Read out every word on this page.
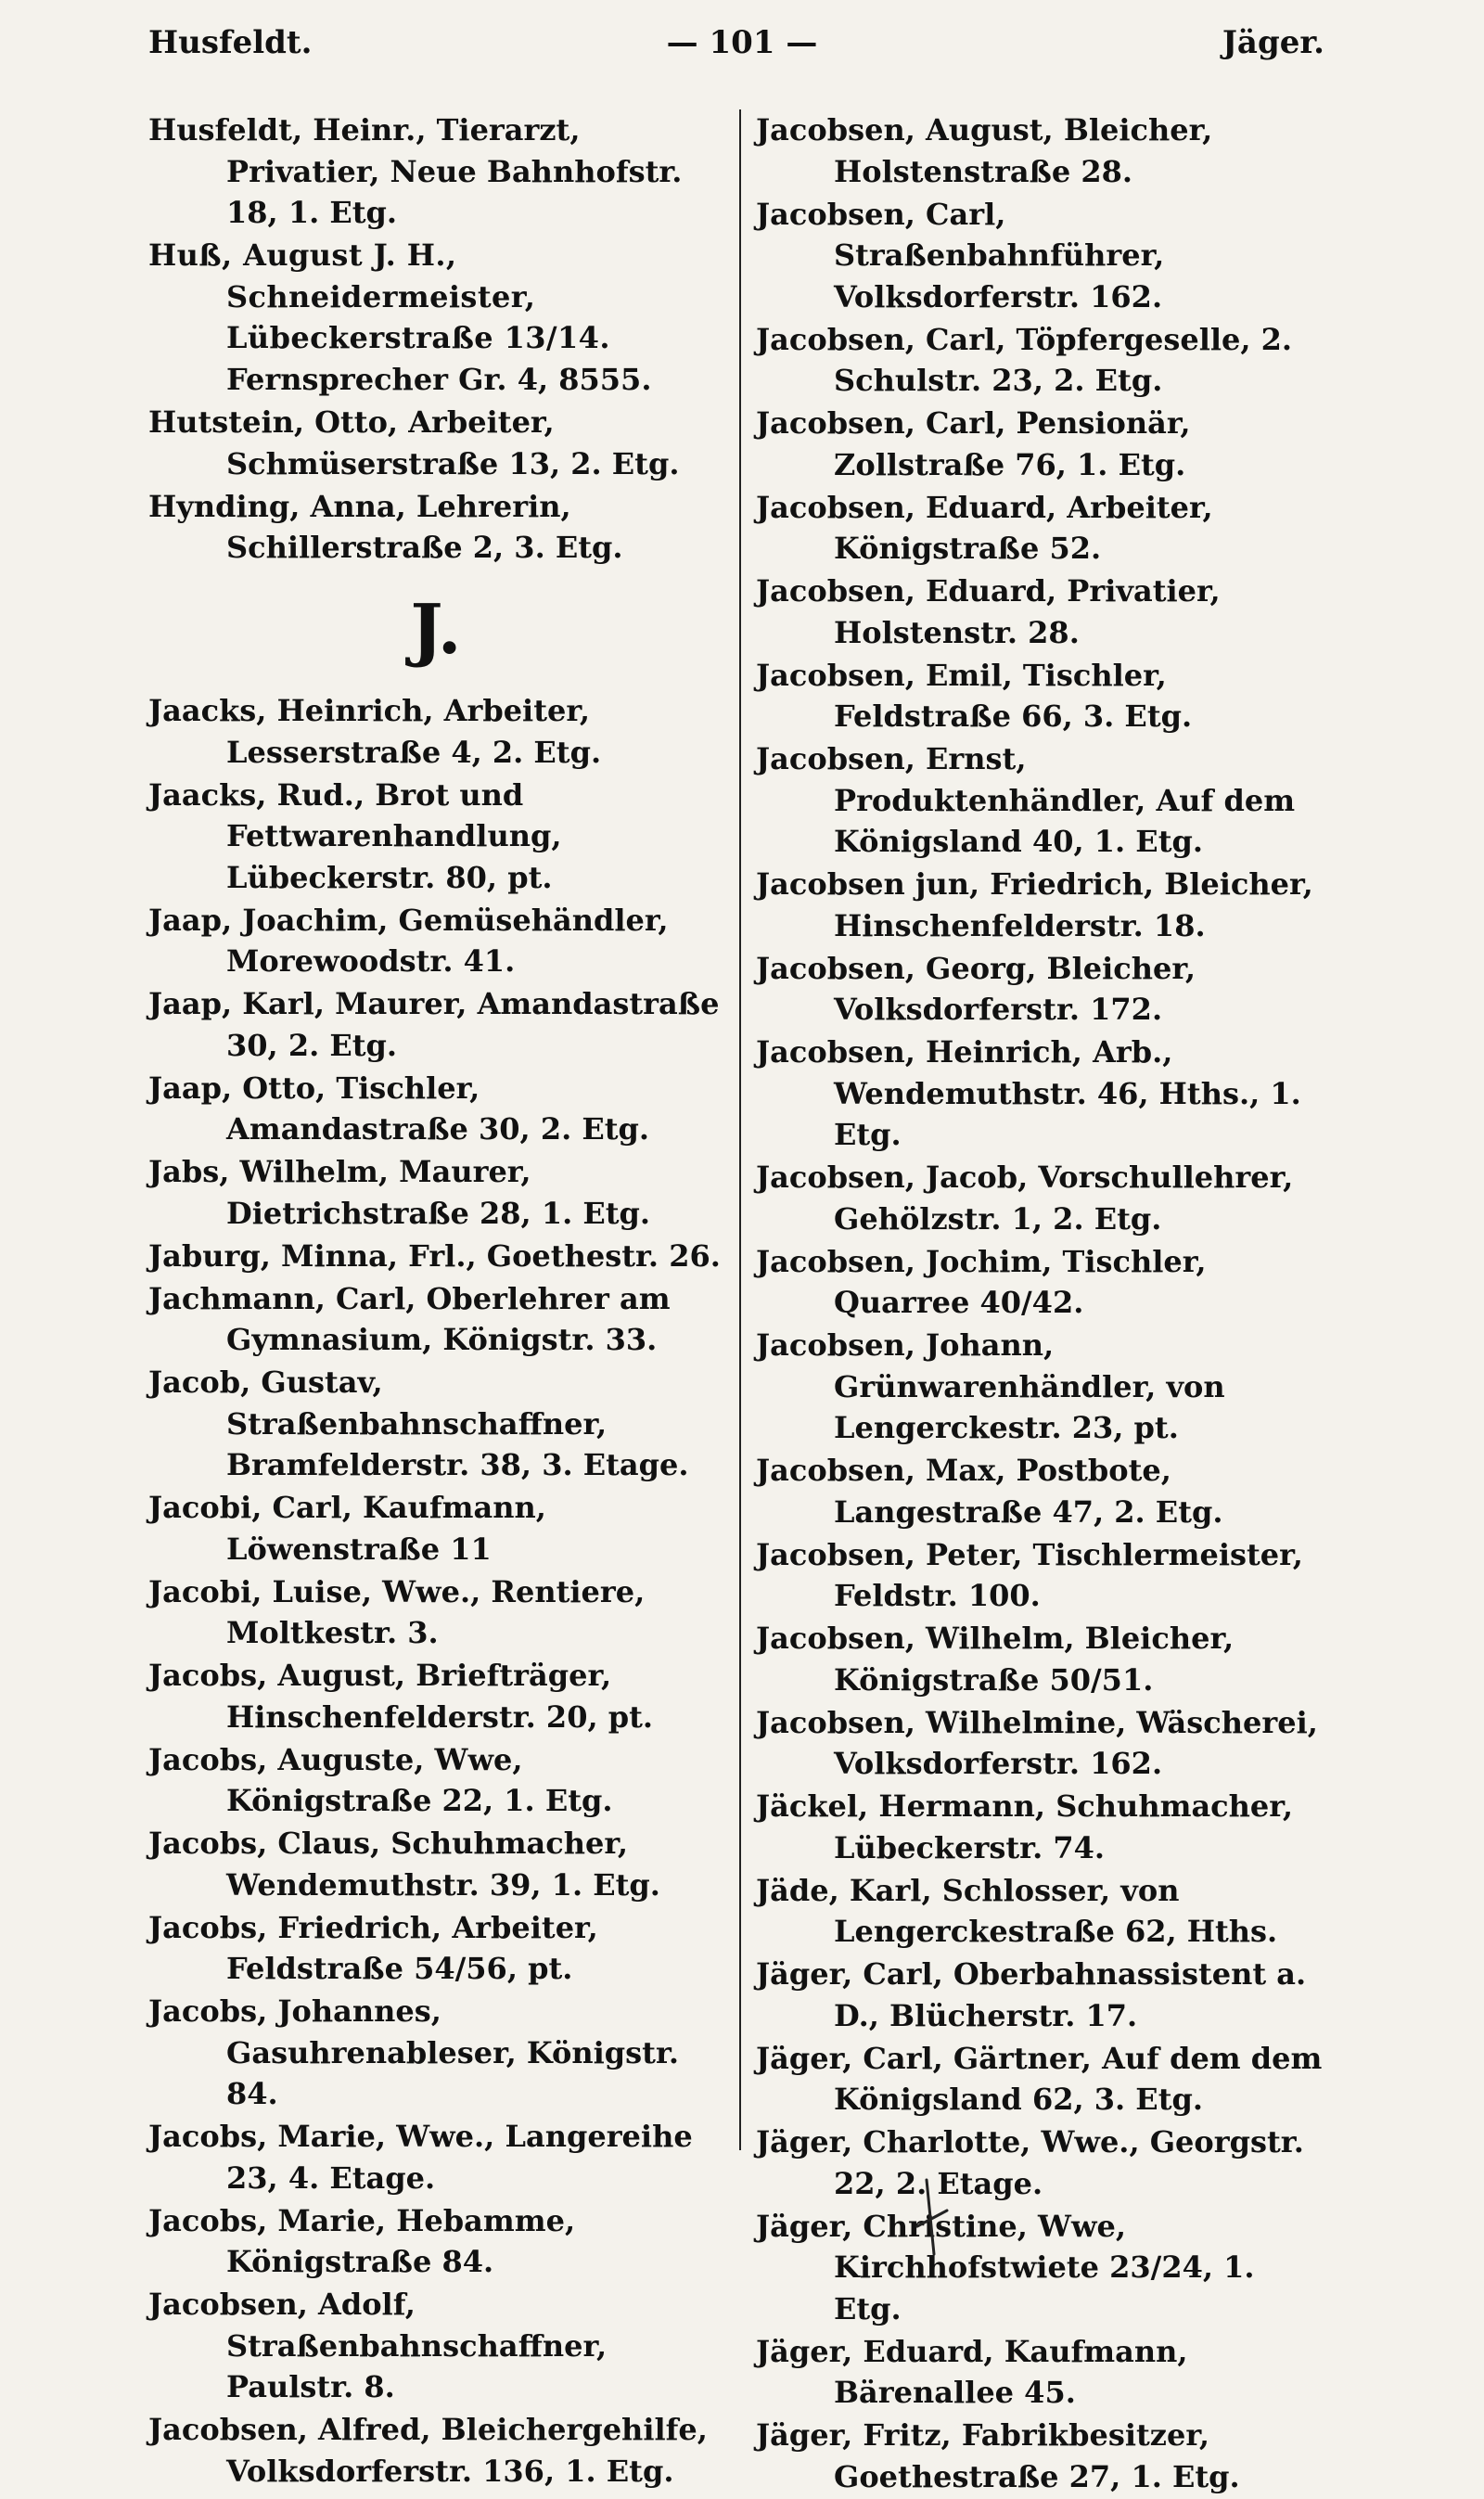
Husfeldt.	— 101 —	Jäger.
Husfeldt, Heinr., Tierarzt, Privatier, Neue Bahnhofstr. 18, 1. Etg.
Huß, August J. H., Schneidermeister, Lübeckerstraße 13/14.
Fernsprecher Gr. 4, 8555.
Hutstein, Otto, Arbeiter, Schmüserstraße 13, 2. Etg.
Hynding, Anna, Lehrerin, Schillerstraße 2, 3. Etg.
J.
Jaacks, Heinrich, Arbeiter, Lesserstraße 4, 2. Etg.
Jaacks, Rud., Brot und Fettwarenhandlung, Lübeckerstr. 80, pt.
Jaap, Joachim, Gemüsehändler, Morewoodstr. 41.
Jaap, Karl, Maurer, Amandastraße 30, 2. Etg.
Jaap, Otto, Tischler, Amandastraße 30, 2. Etg.
Jabs, Wilhelm, Maurer, Dietrichstraße 28, 1. Etg.
Jaburg, Minna, Frl., Goethestr. 26.
Jachmann, Carl, Oberlehrer am Gymnasium, Königstr. 33.
Jacob, Gustav, Straßenbahnschaffner, Bramfelderstr. 38, 3. Etage.
Jacobi, Carl, Kaufmann, Löwenstraße 11
Jacobi, Luise, Wwe., Rentiere, Moltkestr. 3.
Jacobs, August, Briefträger, Hinschenfelderstr. 20, pt.
Jacobs, Auguste, Wwe, Königstraße 22, 1. Etg.
Jacobs, Claus, Schuhmacher, Wendemuthstr. 39, 1. Etg.
Jacobs, Friedrich, Arbeiter, Feldstraße 54/56, pt.
Jacobs, Johannes, Gasuhrenableser, Königstr. 84.
Jacobs, Marie, Wwe., Langereihe 23, 4. Etage.
Jacobs, Marie, Hebamme, Königstraße 84.
Jacobsen, Adolf, Straßenbahnschaffner, Paulstr. 8.
Jacobsen, Alfred, Bleichergehilfe, Volksdorferstr. 136, 1. Etg.
Jacobsen, August, Bleicher, Holstenstraße 28.
Jacobsen, Carl, Straßenbahnführer, Volksdorferstr. 162.
Jacobsen, Carl, Töpfergeselle, 2. Schulstr. 23, 2. Etg.
Jacobsen, Carl, Pensionär, Zollstraße 76, 1. Etg.
Jacobsen, Eduard, Arbeiter, Königstraße 52.
Jacobsen, Eduard, Privatier, Holstenstr. 28.
Jacobsen, Emil, Tischler, Feldstraße 66, 3. Etg.
Jacobsen, Ernst, Produktenhändler, Auf dem Königsland 40, 1. Etg.
Jacobsen jun, Friedrich, Bleicher, Hinschenfelderstr. 18.
Jacobsen, Georg, Bleicher, Volksdorferstr. 172.
Jacobsen, Heinrich, Arb., Wendemuthstr. 46, Hths., 1. Etg.
Jacobsen, Jacob, Vorschullehrer, Gehölzstr. 1, 2. Etg.
Jacobsen, Jochim, Tischler, Quarree 40/42.
Jacobsen, Johann, Grünwarenhändler, von Lengerckestr. 23, pt.
Jacobsen, Max, Postbote, Langestraße 47, 2. Etg.
Jacobsen, Peter, Tischlermeister, Feldstr. 100.
Jacobsen, Wilhelm, Bleicher, Königstraße 50/51.
Jacobsen, Wilhelmine, Wäscherei, Volksdorferstr. 162.
Jäckel, Hermann, Schuhmacher, Lübeckerstr. 74.
Jäde, Karl, Schlosser, von Lengerckestraße 62, Hths.
Jäger, Carl, Oberbahnassistent a. D., Blücherstr. 17.
Jäger, Carl, Gärtner, Auf dem dem Königsland 62, 3. Etg.
Jäger, Charlotte, Wwe., Georgstr. 22, 2. Etage.
Jäger, Christine, Wwe, Kirchhofstwiete 23/24, 1. Etg.
Jäger, Eduard, Kaufmann, Bärenallee 45.
Jäger, Fritz, Fabrikbesitzer, Goethestraße 27, 1. Etg.
